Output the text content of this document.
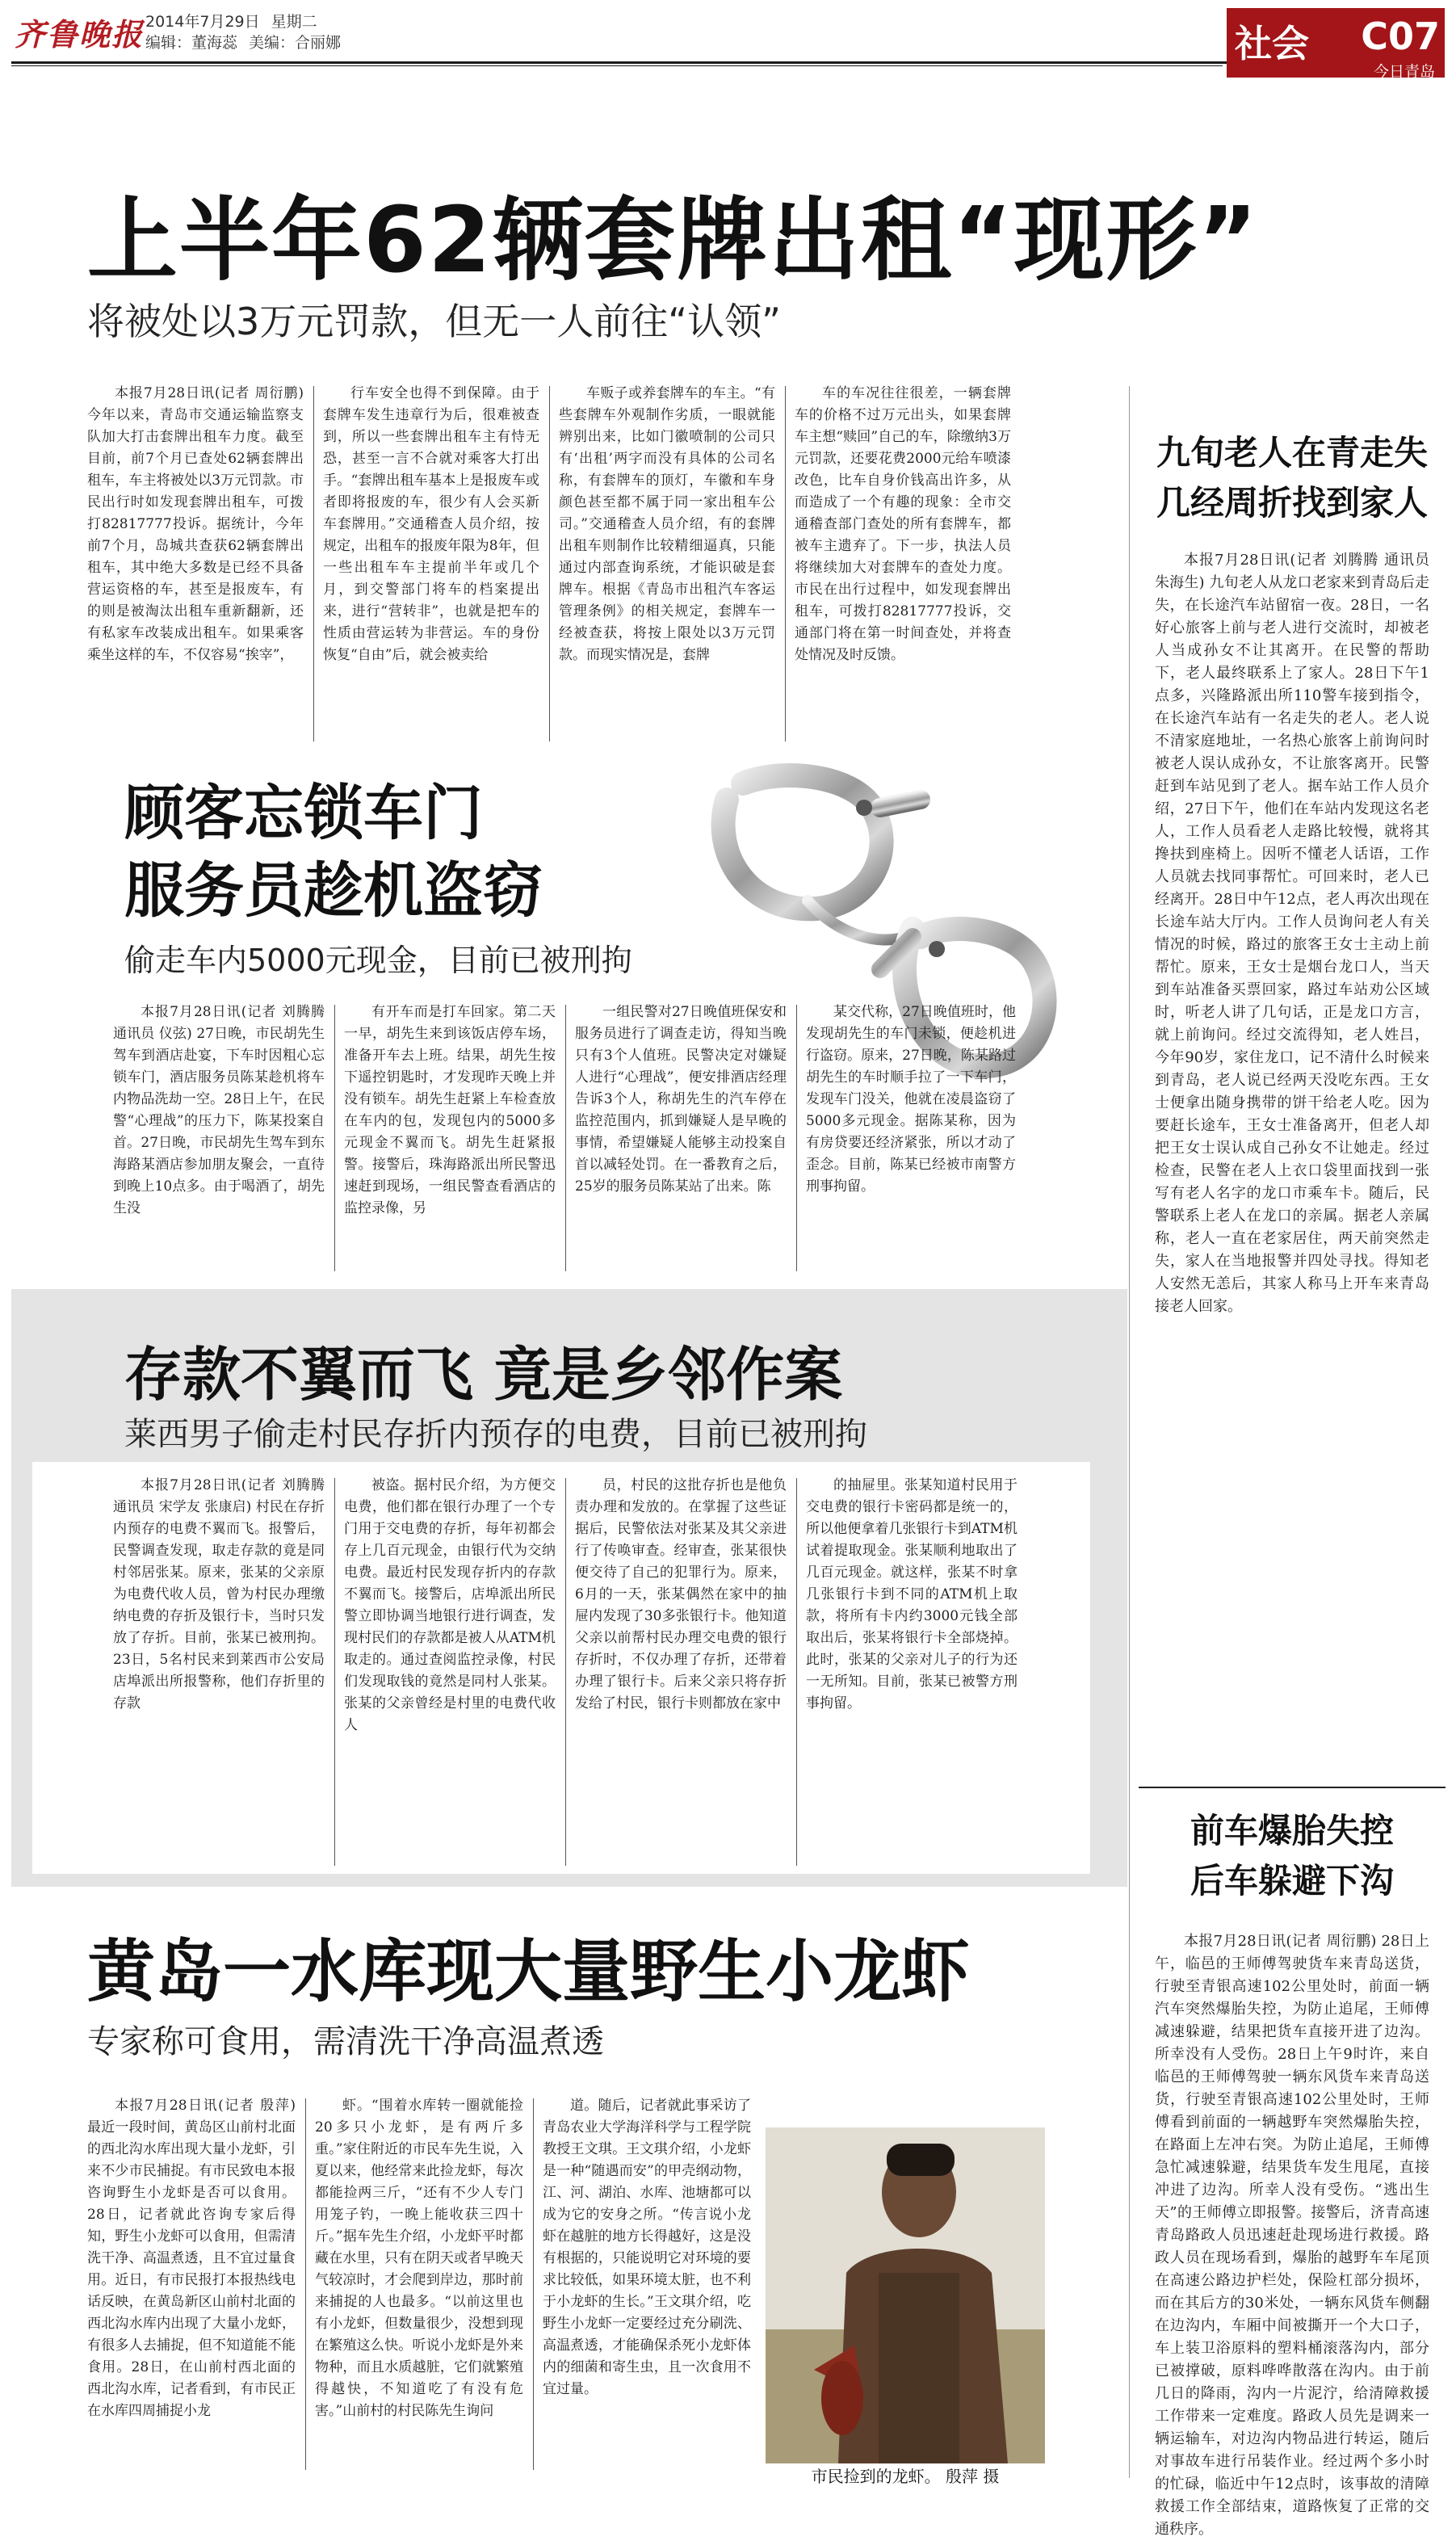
齐鲁晚报 2014年7月29日 星期二
编辑：董海蕊 美编：合丽娜	社会 C07
今日青岛
上半年62辆套牌出租“现形”
将被处以3万元罚款，但无一人前往“认领”

本报7月28日讯(记者 周衍鹏) 今年以来，青岛市交通运输监察支队加大打击套牌出租车力度。截至目前，前7个月已查处62辆套牌出租车，车主将被处以3万元罚款。市民出行时如发现套牌出租车，可拨打82817777投诉。据统计，今年前7个月，岛城共查获62辆套牌出租车，其中绝大多数是已经不具备营运资格的车，甚至是报废车，有的则是被淘汰出租车重新翻新，还有私家车改装成出租车。如果乘客乘坐这样的车，不仅容易“挨宰”，

行车安全也得不到保障。由于套牌车发生违章行为后，很难被查到，所以一些套牌出租车主有恃无恐，甚至一言不合就对乘客大打出手。“套牌出租车基本上是报废车或者即将报废的车，很少有人会买新车套牌用。”交通稽查人员介绍，按规定，出租车的报废年限为8年，但一些出租车车主提前半年或几个月，到交警部门将车的档案提出来，进行“营转非”，也就是把车的性质由营运转为非营运。车的身份恢复“自由”后，就会被卖给

车贩子或养套牌车的车主。“有些套牌车外观制作劣质，一眼就能辨别出来，比如门徽喷制的公司只有‘出租’两字而没有具体的公司名称，有套牌车的顶灯，车徽和车身颜色甚至都不属于同一家出租车公司。”交通稽查人员介绍，有的套牌出租车则制作比较精细逼真，只能通过内部查询系统，才能识破是套牌车。根据《青岛市出租汽车客运管理条例》的相关规定，套牌车一经被查获，将按上限处以3万元罚款。而现实情况是，套牌

车的车况往往很差，一辆套牌车的价格不过万元出头，如果套牌车主想“赎回”自己的车，除缴纳3万元罚款，还要花费2000元给车喷漆改色，比车自身价钱高出许多，从而造成了一个有趣的现象：全市交通稽查部门查处的所有套牌车，都被车主遗弃了。下一步，执法人员将继续加大对套牌车的查处力度。市民在出行过程中，如发现套牌出租车，可拨打82817777投诉，交通部门将在第一时间查处，并将查处情况及时反馈。

顾客忘锁车门
服务员趁机盗窃
偷走车内5000元现金，目前已被刑拘

本报7月28日讯(记者 刘腾腾 通讯员 仪弦) 27日晚，市民胡先生驾车到酒店赴宴，下车时因粗心忘锁车门，酒店服务员陈某趁机将车内物品洗劫一空。28日上午，在民警“心理战”的压力下，陈某投案自首。27日晚，市民胡先生驾车到东海路某酒店参加朋友聚会，一直待到晚上10点多。由于喝酒了，胡先生没

有开车而是打车回家。第二天一早，胡先生来到该饭店停车场，准备开车去上班。结果，胡先生按下遥控钥匙时，才发现昨天晚上并没有锁车。胡先生赶紧上车检查放在车内的包，发现包内的5000多元现金不翼而飞。胡先生赶紧报警。接警后，珠海路派出所民警迅速赶到现场，一组民警查看酒店的监控录像，另

一组民警对27日晚值班保安和服务员进行了调查走访，得知当晚只有3个人值班。民警决定对嫌疑人进行“心理战”，便安排酒店经理告诉3个人，称胡先生的汽车停在监控范围内，抓到嫌疑人是早晚的事情，希望嫌疑人能够主动投案自首以减轻处罚。在一番教育之后，25岁的服务员陈某站了出来。陈

某交代称，27日晚值班时，他发现胡先生的车门未锁，便趁机进行盗窃。原来，27日晚，陈某路过胡先生的车时顺手拉了一下车门，发现车门没关，他就在凌晨盗窃了5000多元现金。据陈某称，因为有房贷要还经济紧张，所以才动了歪念。目前，陈某已经被市南警方刑事拘留。

存款不翼而飞 竟是乡邻作案
莱西男子偷走村民存折内预存的电费，目前已被刑拘

本报7月28日讯(记者 刘腾腾 通讯员 宋学友 张康启) 村民在存折内预存的电费不翼而飞。报警后，民警调查发现，取走存款的竟是同村邻居张某。原来，张某的父亲原为电费代收人员，曾为村民办理缴纳电费的存折及银行卡，当时只发放了存折。目前，张某已被刑拘。23日，5名村民来到莱西市公安局店埠派出所报警称，他们存折里的存款

被盗。据村民介绍，为方便交电费，他们都在银行办理了一个专门用于交电费的存折，每年初都会存上几百元现金，由银行代为交纳电费。最近村民发现存折内的存款不翼而飞。接警后，店埠派出所民警立即协调当地银行进行调查，发现村民们的存款都是被人从ATM机取走的。通过查阅监控录像，村民们发现取钱的竟然是同村人张某。张某的父亲曾经是村里的电费代收人

员，村民的这批存折也是他负责办理和发放的。在掌握了这些证据后，民警依法对张某及其父亲进行了传唤审查。经审查，张某很快便交待了自己的犯罪行为。原来，6月的一天，张某偶然在家中的抽屉内发现了30多张银行卡。他知道父亲以前帮村民办理交电费的银行存折时，不仅办理了存折，还带着办理了银行卡。后来父亲只将存折发给了村民，银行卡则都放在家中

的抽屉里。张某知道村民用于交电费的银行卡密码都是统一的，所以他便拿着几张银行卡到ATM机试着提取现金。张某顺利地取出了几百元现金。就这样，张某不时拿几张银行卡到不同的ATM机上取款，将所有卡内约3000元钱全部取出后，张某将银行卡全部烧掉。此时，张某的父亲对儿子的行为还一无所知。目前，张某已被警方刑事拘留。

黄岛一水库现大量野生小龙虾
专家称可食用，需清洗干净高温煮透

本报7月28日讯(记者 殷萍) 最近一段时间，黄岛区山前村北面的西北沟水库出现大量小龙虾，引来不少市民捕捉。有市民致电本报咨询野生小龙虾是否可以食用。28日，记者就此咨询专家后得知，野生小龙虾可以食用，但需清洗干净、高温煮透，且不宜过量食用。近日，有市民报打本报热线电话反映，在黄岛新区山前村北面的西北沟水库内出现了大量小龙虾，有很多人去捕捉，但不知道能不能食用。28日，在山前村西北面的西北沟水库，记者看到，有市民正在水库四周捕捉小龙

虾。“围着水库转一圈就能捡20多只小龙虾，是有两斤多重。”家住附近的市民车先生说，入夏以来，他经常来此捡龙虾，每次都能捡两三斤，“还有不少人专门用笼子钓，一晚上能收获三四十斤。”据车先生介绍，小龙虾平时都藏在水里，只有在阴天或者早晚天气较凉时，才会爬到岸边，那时前来捕捉的人也最多。“以前这里也有小龙虾，但数量很少，没想到现在繁殖这么快。听说小龙虾是外来物种，而且水质越脏，它们就繁殖得越快，不知道吃了有没有危害。”山前村的村民陈先生询问

道。随后，记者就此事采访了青岛农业大学海洋科学与工程学院教授王文琪。王文琪介绍，小龙虾是一种“随遇而安”的甲壳纲动物，江、河、湖泊、水库、池塘都可以成为它的安身之所。“传言说小龙虾在越脏的地方长得越好，这是没有根据的，只能说明它对环境的要求比较低，如果环境太脏，也不利于小龙虾的生长。”王文琪介绍，吃野生小龙虾一定要经过充分刷洗、高温煮透，才能确保杀死小龙虾体内的细菌和寄生虫，且一次食用不宜过量。

市民捡到的龙虾。 殷萍 摄
九旬老人在青走失
几经周折找到家人

本报7月28日讯(记者 刘腾腾 通讯员 朱海生) 九旬老人从龙口老家来到青岛后走失，在长途汽车站留宿一夜。28日，一名好心旅客上前与老人进行交流时，却被老人当成孙女不让其离开。在民警的帮助下，老人最终联系上了家人。28日下午1点多，兴隆路派出所110警车接到指令，在长途汽车站有一名走失的老人。老人说不清家庭地址，一名热心旅客上前询问时被老人误认成孙女，不让旅客离开。民警赶到车站见到了老人。据车站工作人员介绍，27日下午，他们在车站内发现这名老人，工作人员看老人走路比较慢，就将其搀扶到座椅上。因听不懂老人话语，工作人员就去找同事帮忙。可回来时，老人已经离开。28日中午12点，老人再次出现在长途车站大厅内。工作人员询问老人有关情况的时候，路过的旅客王女士主动上前帮忙。原来，王女士是烟台龙口人，当天到车站准备买票回家，路过车站劝公区域时，听老人讲了几句话，正是龙口方言，就上前询问。经过交流得知，老人姓吕，今年90岁，家住龙口，记不清什么时候来到青岛，老人说已经两天没吃东西。王女士便拿出随身携带的饼干给老人吃。因为要赶长途车，王女士准备离开，但老人却把王女士误认成自己孙女不让她走。经过检查，民警在老人上衣口袋里面找到一张写有老人名字的龙口市乘车卡。随后，民警联系上老人在龙口的亲属。据老人亲属称，老人一直在老家居住，两天前突然走失，家人在当地报警并四处寻找。得知老人安然无恙后，其家人称马上开车来青岛接老人回家。

前车爆胎失控
后车躲避下沟

本报7月28日讯(记者 周衍鹏) 28日上午，临邑的王师傅驾驶货车来青岛送货，行驶至青银高速102公里处时，前面一辆汽车突然爆胎失控，为防止追尾，王师傅减速躲避，结果把货车直接开进了边沟。所幸没有人受伤。28日上午9时许，来自临邑的王师傅驾驶一辆东风货车来青岛送货，行驶至青银高速102公里处时，王师傅看到前面的一辆越野车突然爆胎失控，在路面上左冲右突。为防止追尾，王师傅急忙减速躲避，结果货车发生甩尾，直接冲进了边沟。所幸人没有受伤。“逃出生天”的王师傅立即报警。接警后，济青高速青岛路政人员迅速赶赴现场进行救援。路政人员在现场看到，爆胎的越野车车尾顶在高速公路边护栏处，保险杠部分损坏，而在其后方的30米处，一辆东风货车侧翻在边沟内，车厢中间被撕开一个大口子，车上装卫浴原料的塑料桶滚落沟内，部分已被撑破，原料哗哗散落在沟内。由于前几日的降雨，沟内一片泥泞，给清障救援工作带来一定难度。路政人员先是调来一辆运输车，对边沟内物品进行转运，随后对事故车进行吊装作业。经过两个多小时的忙碌，临近中午12点时，该事故的清障救援工作全部结束，道路恢复了正常的交通秩序。
